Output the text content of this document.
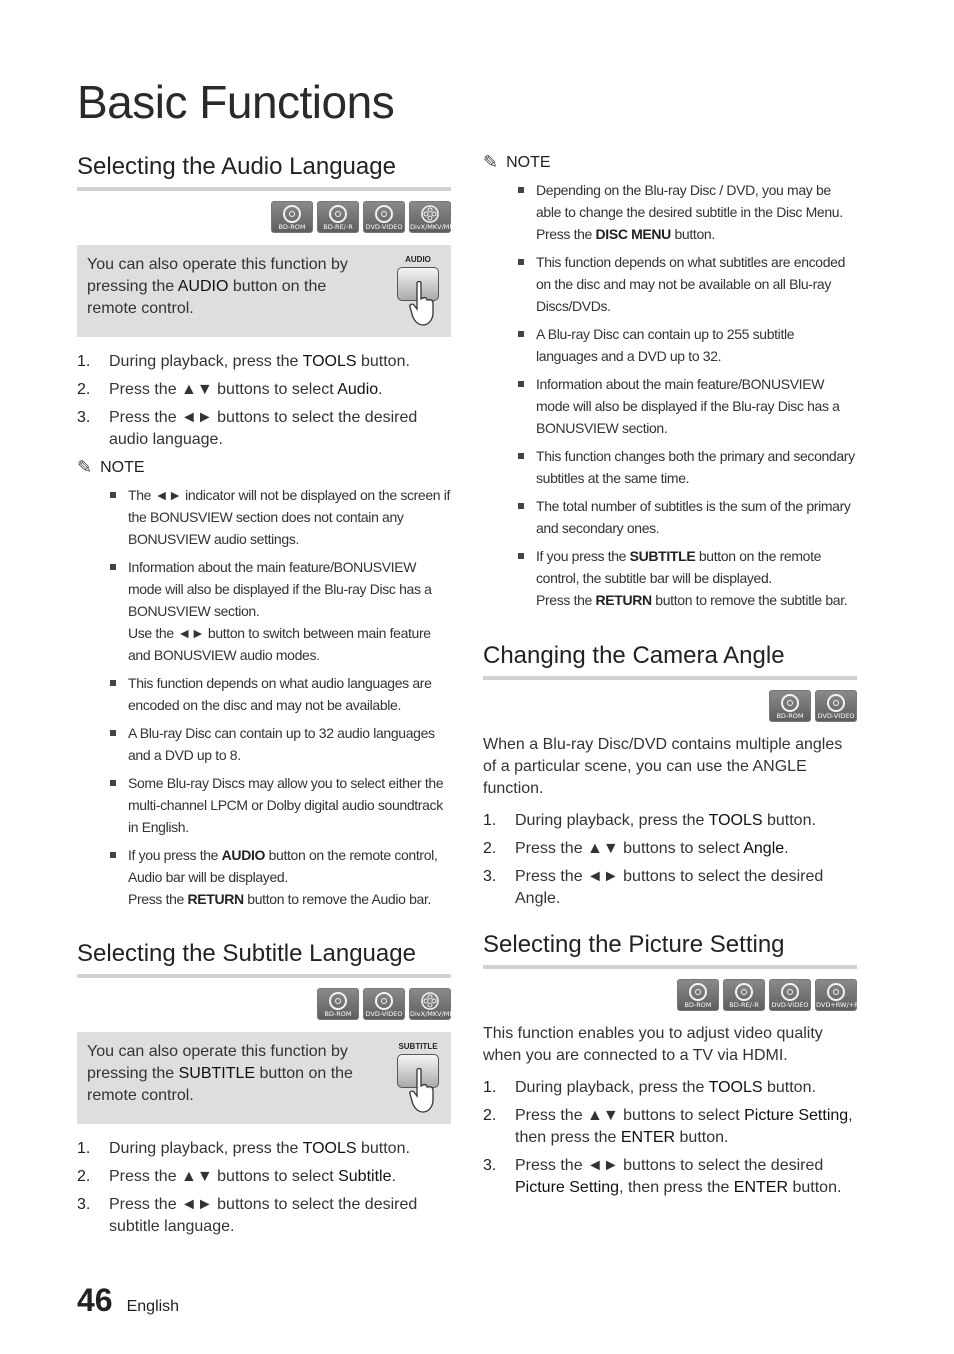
Basic Functions
Selecting the Audio Language
BD-ROM	BD-RE/-R	DVD-VIDEO DivX/MKV/MP4
You can also operate this function by pressing the AUDIO button on the remote control.
AUDIO
1. During playback, press the TOOLS button.
2. Press the ▲▼ buttons to select Audio.
3. Press the ◄► buttons to select the desired audio language.
✎ NOTE
The ◄► indicator will not be displayed on the screen if the BONUSVIEW section does not contain any BONUSVIEW audio settings.
Information about the main feature/BONUSVIEW mode will also be displayed if the Blu-ray Disc has a BONUSVIEW section.
Use the ◄► button to switch between main feature and BONUSVIEW audio modes.
This function depends on what audio languages are encoded on the disc and may not be available.
A Blu-ray Disc can contain up to 32 audio languages and a DVD up to 8.
Some Blu-ray Discs may allow you to select either the multi-channel LPCM or Dolby digital audio soundtrack in English.
If you press the AUDIO button on the remote control, Audio bar will be displayed.
Press the RETURN button to remove the Audio bar.
Selecting the Subtitle Language
BD-ROM	DVD-VIDEO DivX/MKV/MP4
You can also operate this function by pressing the SUBTITLE button on the remote control.
SUBTITLE
1. During playback, press the TOOLS button.
2. Press the ▲▼ buttons to select Subtitle.
3. Press the ◄► buttons to select the desired subtitle language.
✎ NOTE
Depending on the Blu-ray Disc / DVD, you may be able to change the desired subtitle in the Disc Menu. Press the DISC MENU button.
This function depends on what subtitles are encoded on the disc and may not be available on all Blu-ray Discs/DVDs.
A Blu-ray Disc can contain up to 255 subtitle languages and a DVD up to 32.
Information about the main feature/BONUSVIEW mode will also be displayed if the Blu-ray Disc has a BONUSVIEW section.
This function changes both the primary and secondary subtitles at the same time.
The total number of subtitles is the sum of the primary and secondary ones.
If you press the SUBTITLE button on the remote control, the subtitle bar will be displayed.
Press the RETURN button to remove the subtitle bar.
Changing the Camera Angle
BD-ROM	DVD-VIDEO

When a Blu-ray Disc/DVD contains multiple angles of a particular scene, you can use the ANGLE function.

1. During playback, press the TOOLS button.
2. Press the ▲▼ buttons to select Angle.
3. Press the ◄► buttons to select the desired Angle.
Selecting the Picture Setting
BD-ROM	BD-RE/-R	DVD-VIDEO DVD+RW/+R

This function enables you to adjust video quality when you are connected to a TV via HDMI.

1. During playback, press the TOOLS button.
2. Press the ▲▼ buttons to select Picture Setting, then press the ENTER button.
3. Press the ◄► buttons to select the desired Picture Setting, then press the ENTER button.
46 English
